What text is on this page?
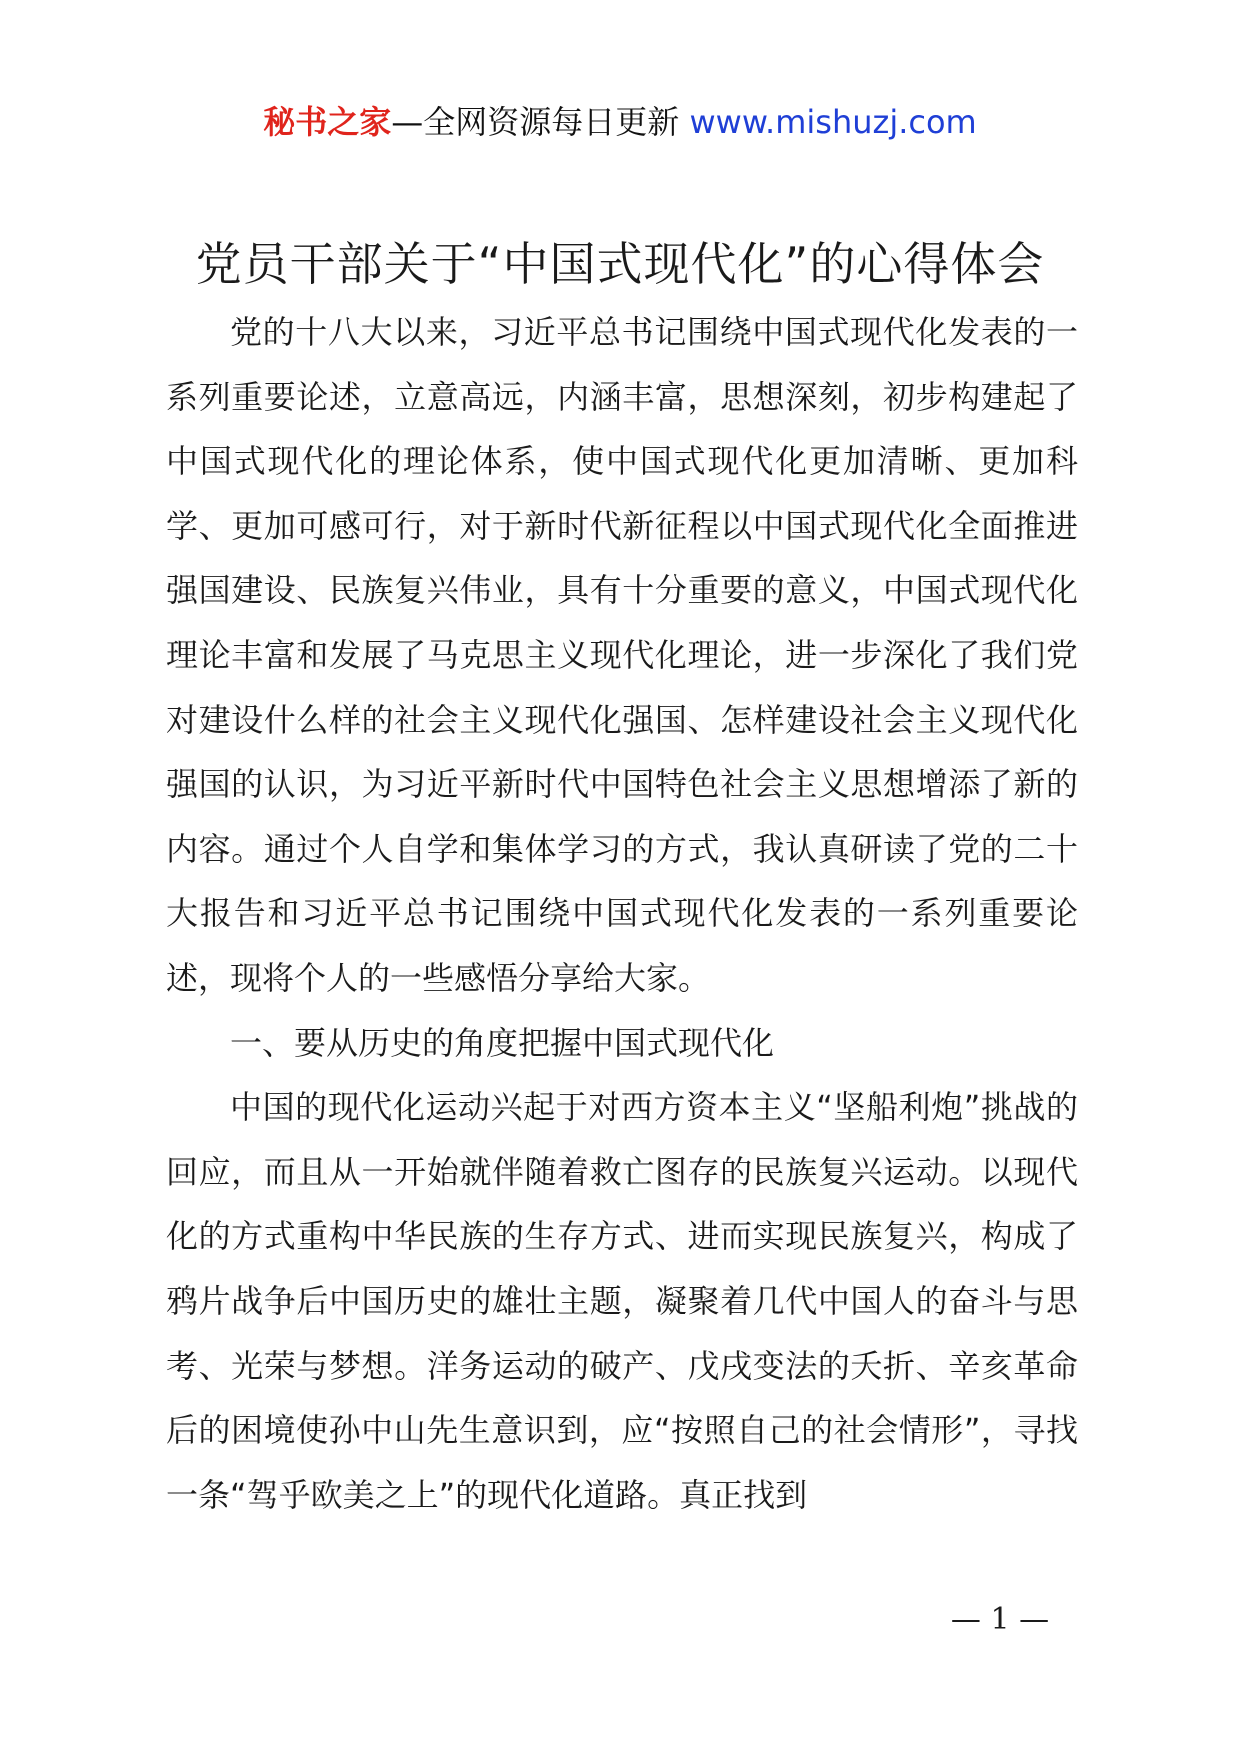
秘书之家—全网资源每日更新 www.mishuzj.com
党员干部关于“中国式现代化”的心得体会

党的十八大以来，习近平总书记围绕中国式现代化发表的一系列重要论述，立意高远，内涵丰富，思想深刻，初步构建起了中国式现代化的理论体系，使中国式现代化更加清晰、更加科学、更加可感可行，对于新时代新征程以中国式现代化全面推进强国建设、民族复兴伟业，具有十分重要的意义，中国式现代化理论丰富和发展了马克思主义现代化理论，进一步深化了我们党对建设什么样的社会主义现代化强国、怎样建设社会主义现代化强国的认识，为习近平新时代中国特色社会主义思想增添了新的内容。通过个人自学和集体学习的方式，我认真研读了党的二十大报告和习近平总书记围绕中国式现代化发表的一系列重要论述，现将个人的一些感悟分享给大家。

一、要从历史的角度把握中国式现代化

中国的现代化运动兴起于对西方资本主义“坚船利炮”挑战的回应，而且从一开始就伴随着救亡图存的民族复兴运动。以现代化的方式重构中华民族的生存方式、进而实现民族复兴，构成了鸦片战争后中国历史的雄壮主题，凝聚着几代中国人的奋斗与思考、光荣与梦想。洋务运动的破产、戊戌变法的夭折、辛亥革命后的困境使孙中山先生意识到，应“按照自己的社会情形”，寻找一条“驾乎欧美之上”的现代化道路。真正找到

— 1 —
